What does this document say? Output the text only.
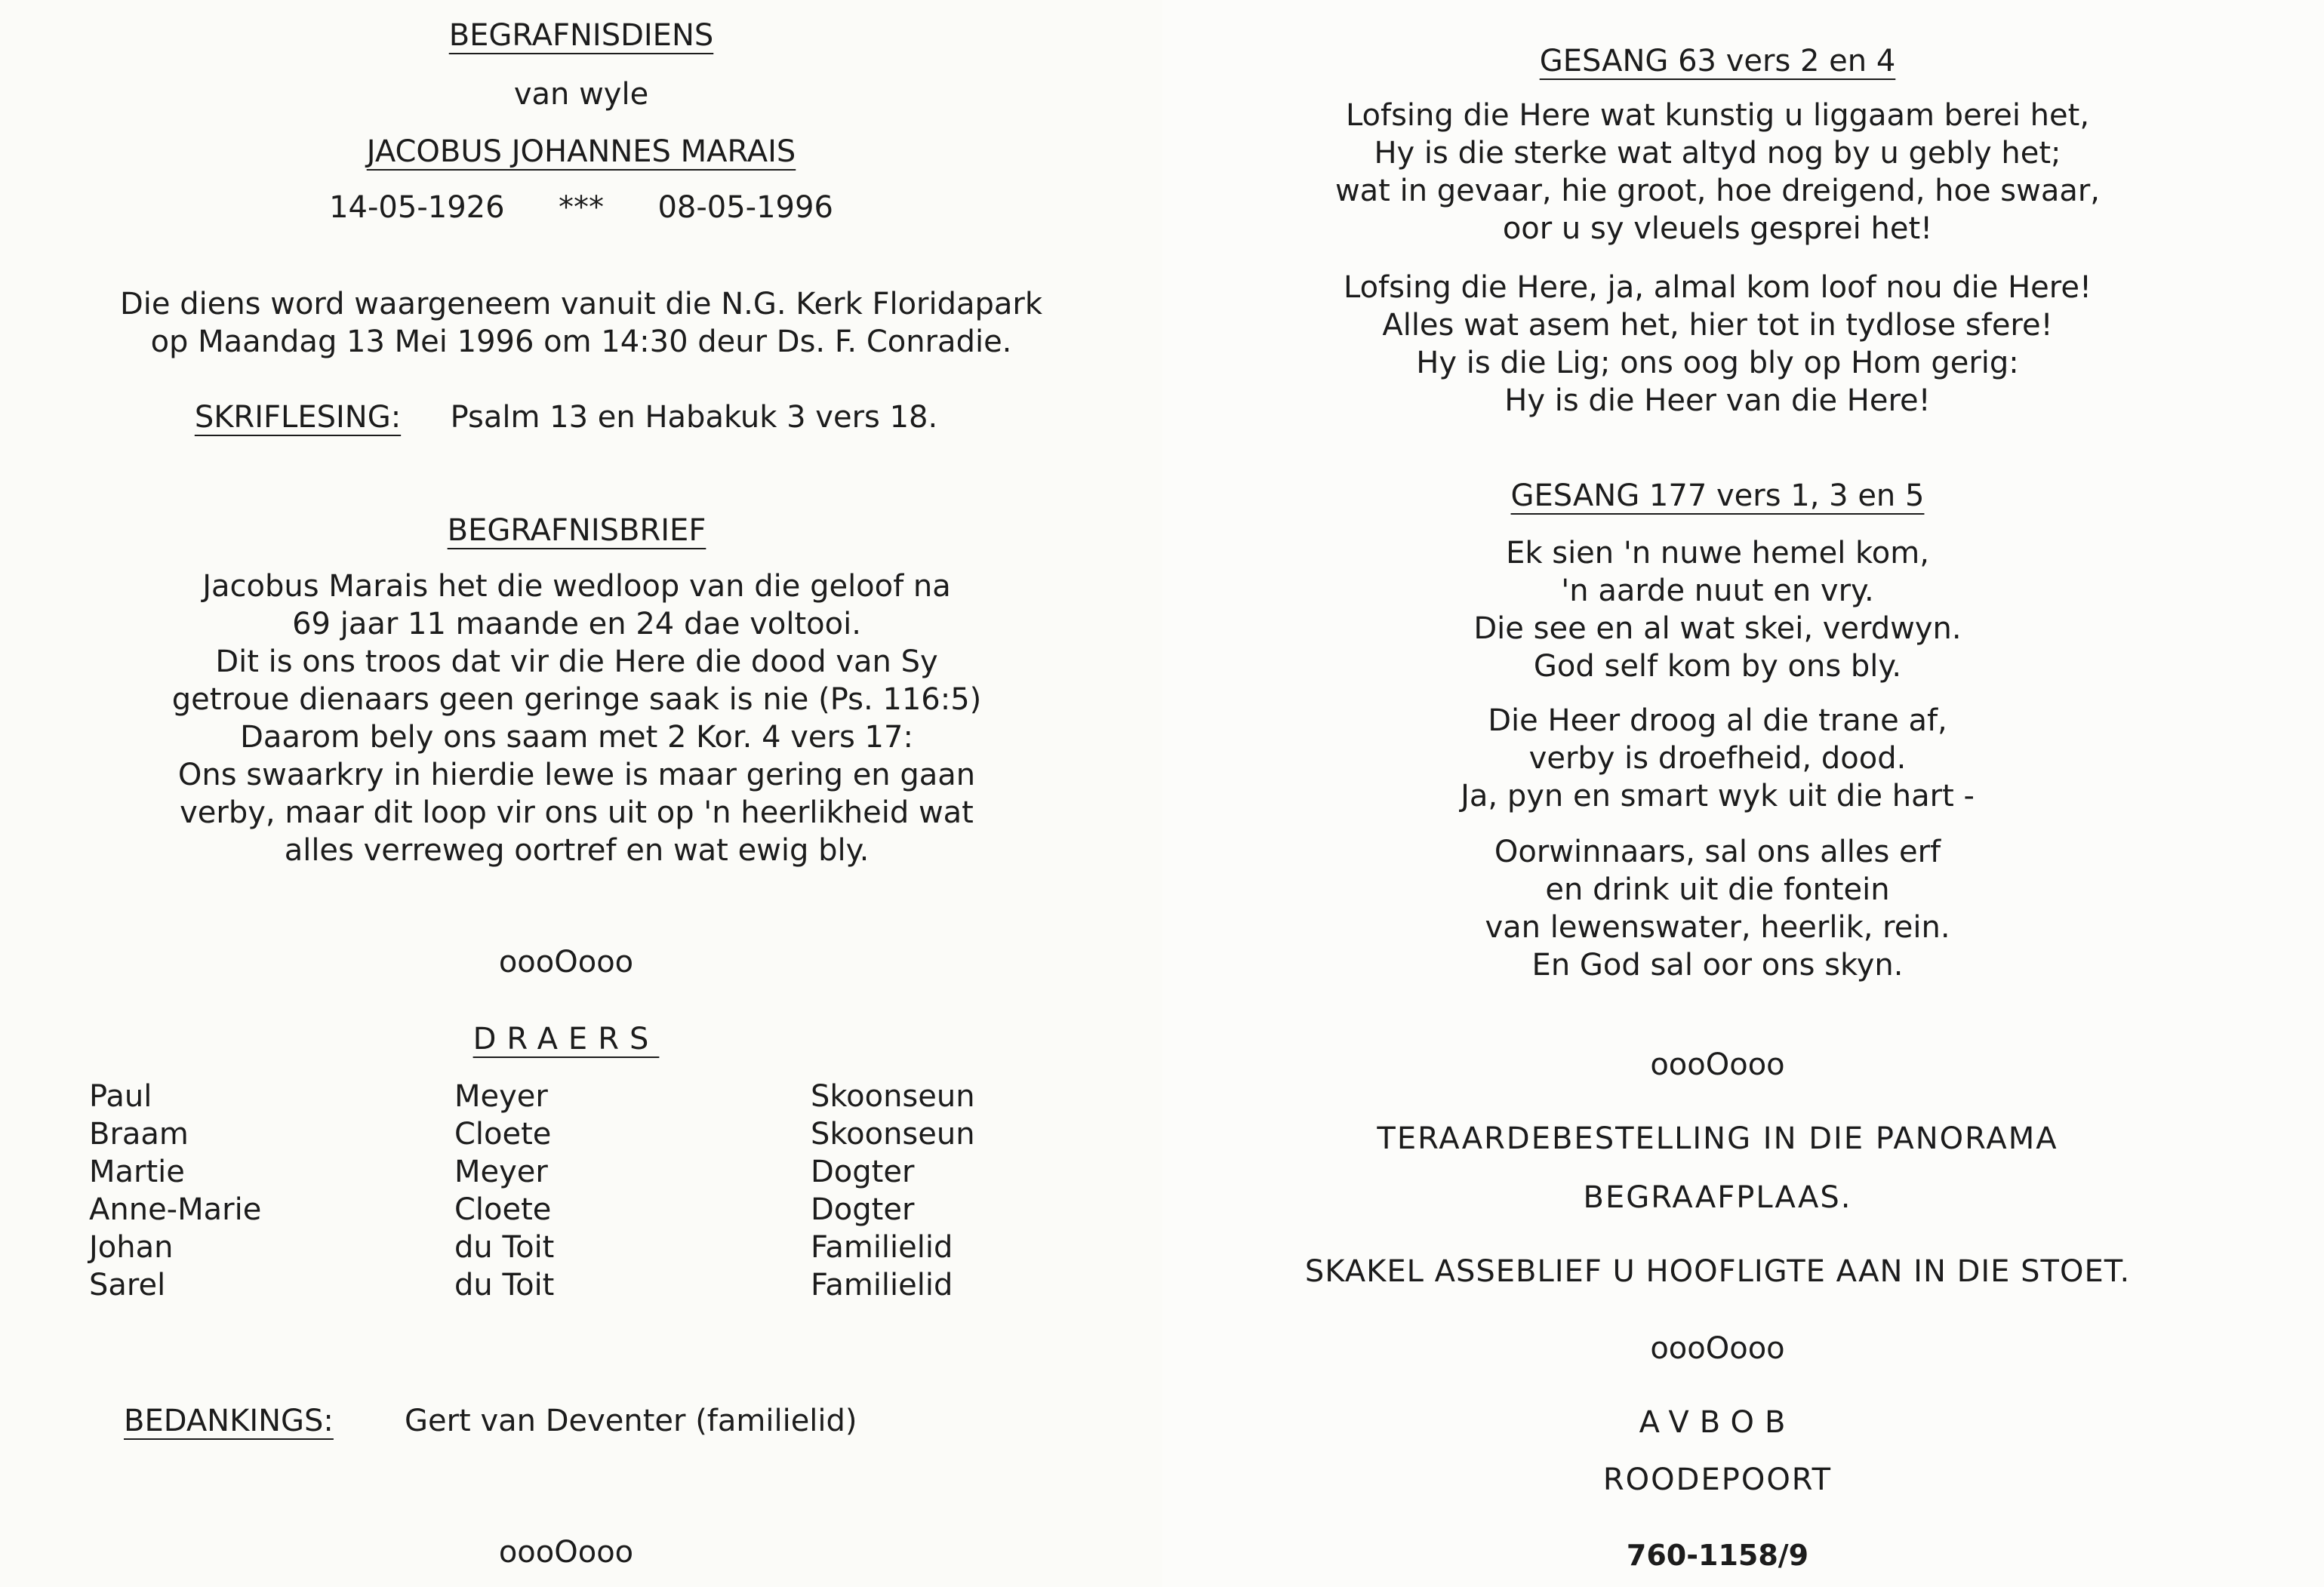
BEGRAFNISDIENS
van wyle
JACOBUS JOHANNES MARAIS
14-05-1926 *** 08-05-1996
Die diens word waargeneem vanuit die N.G. Kerk Floridapark
op Maandag 13 Mei 1996 om 14:30 deur Ds. F. Conradie.
SKRIFLESING: Psalm 13 en Habakuk 3 vers 18.
BEGRAFNISBRIEF
Jacobus Marais het die wedloop van die geloof na
69 jaar 11 maande en 24 dae voltooi.
Dit is ons troos dat vir die Here die dood van Sy
getroue dienaars geen geringe saak is nie (Ps. 116:5)
Daarom bely ons saam met 2 Kor. 4 vers 17:
Ons swaarkry in hierdie lewe is maar gering en gaan
verby, maar dit loop vir ons uit op 'n heerlikheid wat
alles verreweg oortref en wat ewig bly.
oooOooo
DRAERS
Paul	Meyer	Skoonseun
Braam	Cloete	Skoonseun
Martie	Meyer	Dogter
Anne-Marie	Cloete	Dogter
Johan	du Toit	Familielid
Sarel	du Toit	Familielid
BEDANKINGS: Gert van Deventer (familielid)
oooOooo
GESANG 63 vers 2 en 4
Lofsing die Here wat kunstig u liggaam berei het,
Hy is die sterke wat altyd nog by u gebly het;
wat in gevaar, hie groot, hoe dreigend, hoe swaar,
oor u sy vleuels gesprei het!
Lofsing die Here, ja, almal kom loof nou die Here!
Alles wat asem het, hier tot in tydlose sfere!
Hy is die Lig; ons oog bly op Hom gerig:
Hy is die Heer van die Here!
GESANG 177 vers 1, 3 en 5
Ek sien 'n nuwe hemel kom,
'n aarde nuut en vry.
Die see en al wat skei, verdwyn.
God self kom by ons bly.
Die Heer droog al die trane af,
verby is droefheid, dood.
Ja, pyn en smart wyk uit die hart -
Oorwinnaars, sal ons alles erf
en drink uit die fontein
van lewenswater, heerlik, rein.
En God sal oor ons skyn.
oooOooo
TERAARDEBESTELLING IN DIE PANORAMA
BEGRAAFPLAAS.
SKAKEL ASSEBLIEF U HOOFLIGTE AAN IN DIE STOET.
oooOooo
AVBOB
ROODEPOORT
760-1158/9
